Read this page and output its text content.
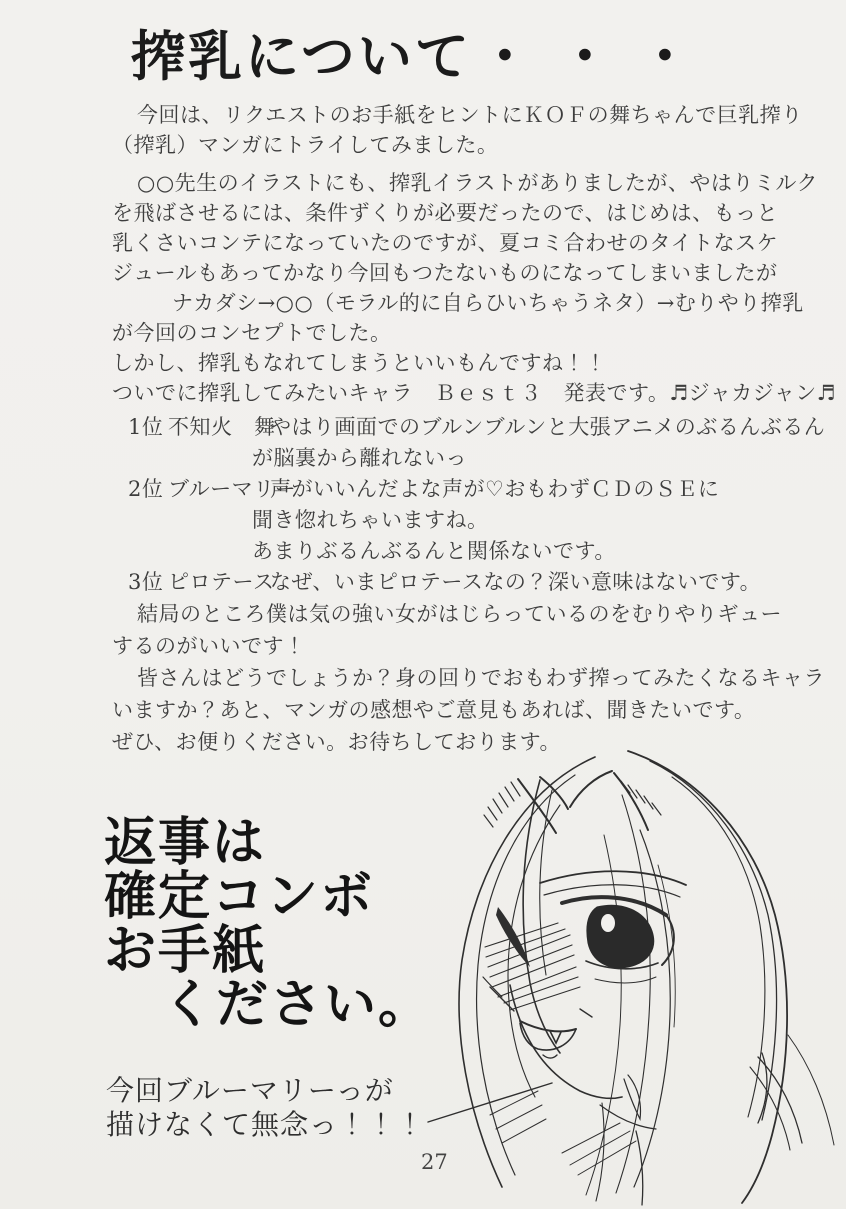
搾乳について ・・・
今回は、リクエストのお手紙をヒントにＫＯＦの舞ちゃんで巨乳搾り
（搾乳）マンガにトライしてみました。
○○先生のイラストにも、搾乳イラストがありましたが、やはりミルク
を飛ばさせるには、条件ずくりが必要だったので、はじめは、もっと
乳くさいコンテになっていたのですが、夏コミ合わせのタイトなスケ
ジュールもあってかなり今回もつたないものになってしまいましたが
ナカダシ→○○（モラル的に自らひいちゃうネタ）→むりやり搾乳
が今回のコンセプトでした。
しかし、搾乳もなれてしまうといいもんですね！！
ついでに搾乳してみたいキャラ　Ｂｅｓｔ３　発表です。♬ジャカジャン♬
1位 不知火　舞やはり画面でのブルンブルンと大張アニメのぶるんぶるん
が脳裏から離れないっ
2位 ブルーマリー声がいいんだよな声が♡おもわずＣＤのＳＥに
聞き惚れちゃいますね。
あまりぶるんぶるんと関係ないです。
3位 ピロテースなぜ、いまピロテースなの？深い意味はないです。
結局のところ僕は気の強い女がはじらっているのをむりやりギュー
するのがいいです！
皆さんはどうでしょうか？身の回りでおもわず搾ってみたくなるキャラ
いますか？あと、マンガの感想やご意見もあれば、聞きたいです。
ぜひ、お便りください。お待ちしております。
返事は
確定コンボ
お手紙
ください。
今回ブルーマリーっが
描けなくて無念っ！！！
27
